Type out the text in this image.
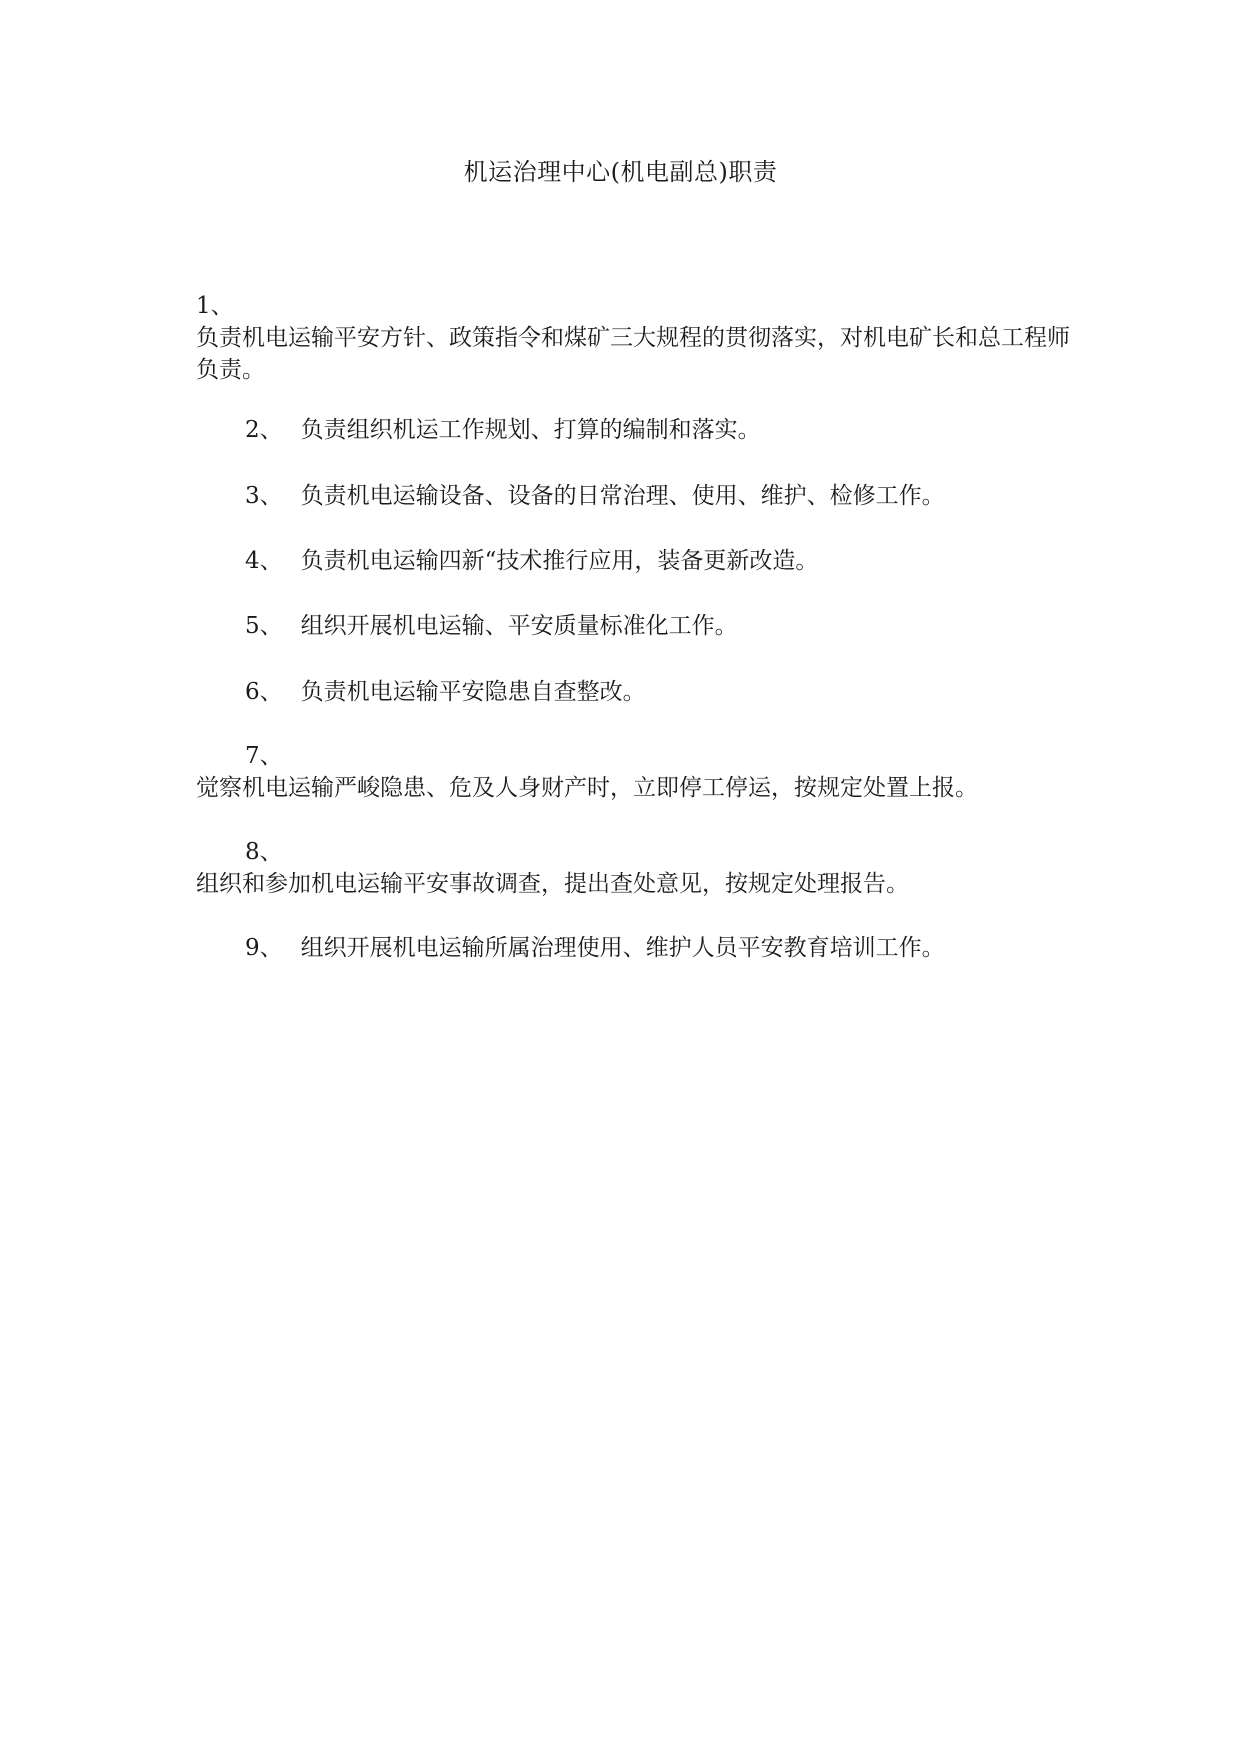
机运治理中心(机电副总)职责
1、
负责机电运输平安方针、政策指令和煤矿三大规程的贯彻落实，对机电矿长和总工程师负责。
2、 负责组织机运工作规划、打算的编制和落实。
3、 负责机电运输设备、设备的日常治理、使用、维护、检修工作。
4、 负责机电运输四新“技术推行应用，装备更新改造。
5、 组织开展机电运输、平安质量标准化工作。
6、 负责机电运输平安隐患自查整改。
7、
觉察机电运输严峻隐患、危及人身财产时，立即停工停运，按规定处置上报。
8、
组织和参加机电运输平安事故调查，提出查处意见，按规定处理报告。
9、 组织开展机电运输所属治理使用、维护人员平安教育培训工作。
